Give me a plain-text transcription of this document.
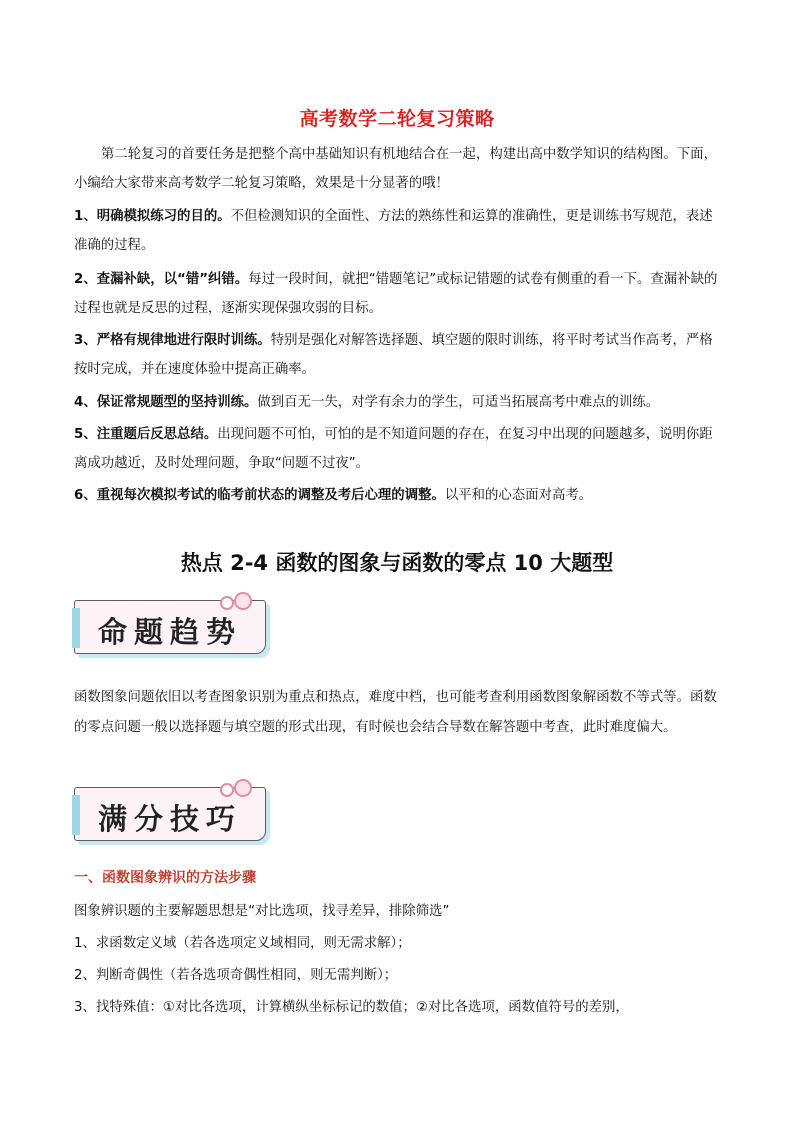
高考数学二轮复习策略

第二轮复习的首要任务是把整个高中基础知识有机地结合在一起，构建出高中数学知识的结构图。下面，小编给大家带来高考数学二轮复习策略，效果是十分显著的哦！

1、明确模拟练习的目的。不但检测知识的全面性、方法的熟练性和运算的准确性，更是训练书写规范，表述准确的过程。

2、查漏补缺，以“错”纠错。每过一段时间，就把“错题笔记”或标记错题的试卷有侧重的看一下。查漏补缺的过程也就是反思的过程，逐渐实现保强攻弱的目标。

3、严格有规律地进行限时训练。特别是强化对解答选择题、填空题的限时训练，将平时考试当作高考，严格按时完成，并在速度体验中提高正确率。

4、保证常规题型的坚持训练。做到百无一失，对学有余力的学生，可适当拓展高考中难点的训练。

5、注重题后反思总结。出现问题不可怕，可怕的是不知道问题的存在，在复习中出现的问题越多，说明你距离成功越近，及时处理问题，争取“问题不过夜”。

6、重视每次模拟考试的临考前状态的调整及考后心理的调整。以平和的心态面对高考。

热点 2-4 函数的图象与函数的零点 10 大题型
命题趋势

函数图象问题依旧以考查图象识别为重点和热点，难度中档，也可能考查利用函数图象解函数不等式等。函数的零点问题一般以选择题与填空题的形式出现，有时候也会结合导数在解答题中考查，此时难度偏大。

满分技巧
一、函数图象辨识的方法步骤

图象辨识题的主要解题思想是“对比选项，找寻差异，排除筛选”

1、求函数定义域（若各选项定义域相同，则无需求解）；

2、判断奇偶性（若各选项奇偶性相同，则无需判断）；

3、找特殊值：①对比各选项，计算横纵坐标标记的数值；②对比各选项，函数值符号的差别，
